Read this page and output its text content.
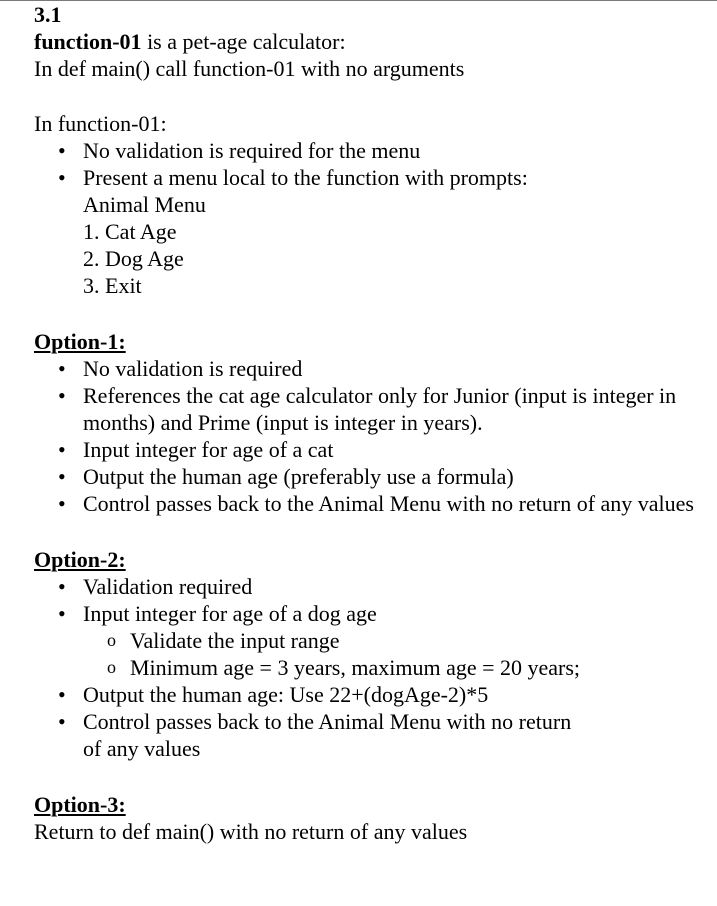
3.1

function-01 is a pet-age calculator:

In def main() call function-01 with no arguments

In function-01:

• No validation is required for the menu
• Present a menu local to the function with prompts:

Animal Menu

1. Cat Age

2. Dog Age

3. Exit

Option-1:

• No validation is required
• References the cat age calculator only for Junior (input is integer in months) and Prime (input is integer in years).
• Input integer for age of a cat
• Output the human age (preferably use a formula)
• Control passes back to the Animal Menu with no return of any values

Option-2:

• Validation required
• Input integer for age of a dog age
o Validate the input range
o Minimum age = 3 years, maximum age = 20 years;
• Output the human age: Use 22+(dogAge-2)*5
• Control passes back to the Animal Menu with no return
of any values

Option-3:

Return to def main() with no return of any values
